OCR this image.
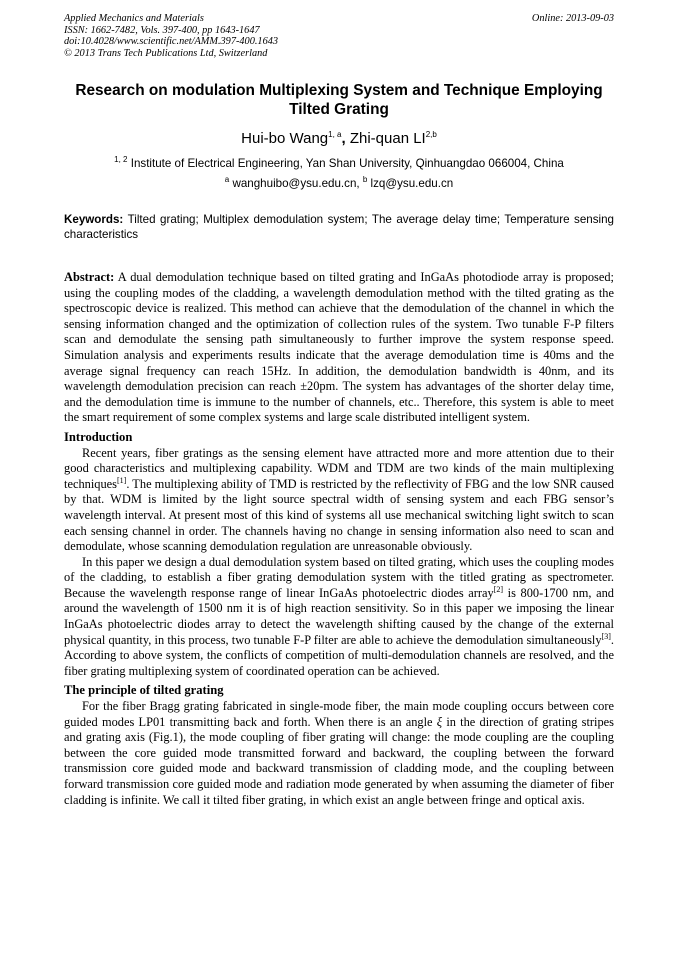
Applied Mechanics and Materials
ISSN: 1662-7482, Vols. 397-400, pp 1643-1647
doi:10.4028/www.scientific.net/AMM.397-400.1643
© 2013 Trans Tech Publications Ltd, Switzerland
Online: 2013-09-03
Research on modulation Multiplexing System and Technique Employing
Tilted Grating
Hui-bo Wang$^{1, a}$, Zhi-quan LI$^{2,b}$
$^{1, 2}$ Institute of Electrical Engineering, Yan Shan University, Qinhuangdao 066004, China
$^a$ wanghuibo@ysu.edu.cn, $^b$ lzq@ysu.edu.cn
Keywords: Tilted grating; Multiplex demodulation system; The average delay time; Temperature sensing characteristics

Abstract: A dual demodulation technique based on tilted grating and InGaAs photodiode array is proposed; using the coupling modes of the cladding, a wavelength demodulation method with the tilted grating as the spectroscopic device is realized. This method can achieve that the demodulation of the channel in which the sensing information changed and the optimization of collection rules of the system. Two tunable F-P filters scan and demodulate the sensing path simultaneously to further improve the system response speed. Simulation analysis and experiments results indicate that the average demodulation time is 40ms and the average signal frequency can reach 15Hz. In addition, the demodulation bandwidth is 40nm, and its wavelength demodulation precision can reach ±20pm. The system has advantages of the shorter delay time, and the demodulation time is immune to the number of channels, etc.. Therefore, this system is able to meet the smart requirement of some complex systems and large scale distributed intelligent system.

Introduction

Recent years, fiber gratings as the sensing element have attracted more and more attention due to their good characteristics and multiplexing capability. WDM and TDM are two kinds of the main multiplexing techniques[1]. The multiplexing ability of TMD is restricted by the reflectivity of FBG and the low SNR caused by that. WDM is limited by the light source spectral width of sensing system and each FBG sensor’s wavelength interval. At present most of this kind of systems all use mechanical switching light switch to scan each sensing channel in order. The channels having no change in sensing information also need to scan and demodulate, whose scanning demodulation regulation are unreasonable obviously.

In this paper we design a dual demodulation system based on tilted grating, which uses the coupling modes of the cladding, to establish a fiber grating demodulation system with the titled grating as spectrometer. Because the wavelength response range of linear InGaAs photoelectric diodes array[2] is 800-1700 nm, and around the wavelength of 1500 nm it is of high reaction sensitivity. So in this paper we imposing the linear InGaAs photoelectric diodes array to detect the wavelength shifting caused by the change of the external physical quantity, in this process, two tunable F-P filter are able to achieve the demodulation simultaneously[3]. According to above system, the conflicts of competition of multi-demodulation channels are resolved, and the fiber grating multiplexing system of coordinated operation can be achieved.

The principle of tilted grating

For the fiber Bragg grating fabricated in single-mode fiber, the main mode coupling occurs between core guided modes LP01 transmitting back and forth. When there is an angle ξ in the direction of grating stripes and grating axis (Fig.1), the mode coupling of fiber grating will change: the mode coupling are the coupling between the core guided mode transmitted forward and backward, the coupling between the forward transmission core guided mode and backward transmission of cladding mode, and the coupling between forward transmission core guided mode and radiation mode generated by when assuming the diameter of fiber cladding is infinite. We call it tilted fiber grating, in which exist an angle between fringe and optical axis.
